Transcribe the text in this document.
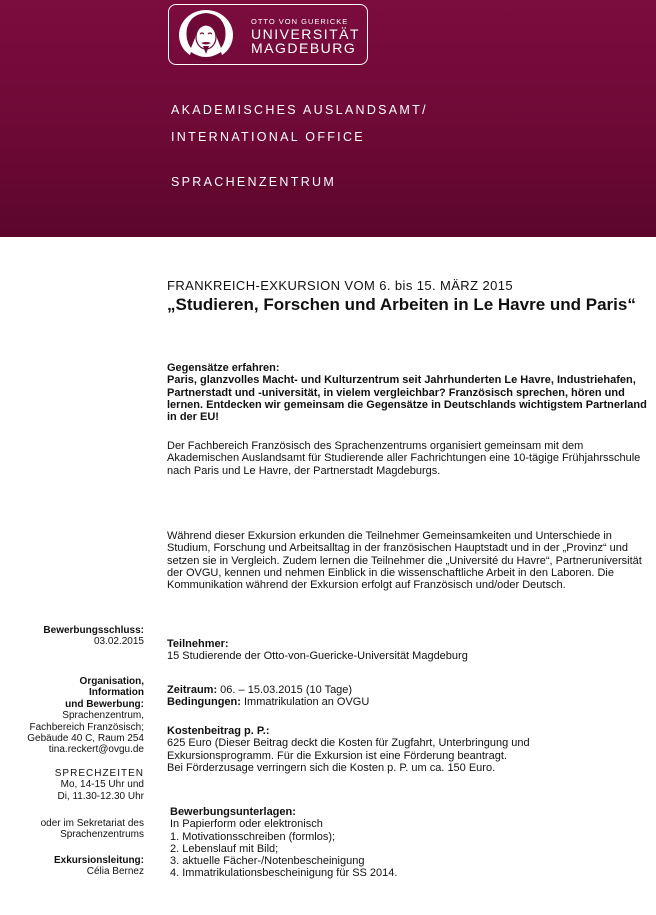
OTTO VON GUERICKE
UNIVERSITÄT
MAGDEBURG
AKADEMISCHES AUSLANDSAMT/
INTERNATIONAL OFFICE
SPRACHENZENTRUM

FRANKREICH-EXKURSION VOM 6. bis 15. MÄRZ 2015

„Studieren, Forschen und Arbeiten in Le Havre und Paris“

Gegensätze erfahren:

Paris, glanzvolles Macht- und Kulturzentrum seit Jahrhunderten Le Havre, Industriehafen, Partnerstadt und -universität, in vielem vergleichbar? Französisch sprechen, hören und lernen. Entdecken wir gemeinsam die Gegensätze in Deutschlands wichtigstem Partnerland in der EU!

Der Fachbereich Französisch des Sprachenzentrums organisiert gemeinsam mit dem Akademischen Auslandsamt für Studierende aller Fachrichtungen eine 10-tägige Frühjahrsschule nach Paris und Le Havre, der Partnerstadt Magdeburgs.

Während dieser Exkursion erkunden die Teilnehmer Gemeinsamkeiten und Unterschiede in Studium, Forschung und Arbeitsalltag in der französischen Hauptstadt und in der „Provinz“ und setzen sie in Vergleich. Zudem lernen die Teilnehmer die „Université du Havre“, Partneruniversität der OVGU, kennen und nehmen Einblick in die wissenschaftliche Arbeit in den Laboren. Die Kommunikation während der Exkursion erfolgt auf Französisch und/oder Deutsch.

Teilnehmer:

15 Studierende der Otto-von-Guericke-Universität Magdeburg

Zeitraum: 06. – 15.03.2015 (10 Tage)

Bedingungen: Immatrikulation an OVGU

Kostenbeitrag p. P.:

625 Euro (Dieser Beitrag deckt die Kosten für Zugfahrt, Unterbringung und

Exkursionsprogramm. Für die Exkursion ist eine Förderung beantragt.

Bei Förderzusage verringern sich die Kosten p. P. um ca. 150 Euro.

Bewerbungsunterlagen:

In Papierform oder elektronisch

1. Motivationsschreiben (formlos);

2. Lebenslauf mit Bild;

3. aktuelle Fächer-/Notenbescheinigung

4. Immatrikulationsbescheinigung für SS 2014.

Bewerbungsschluss:
03.02.2015
Organisation,
Information
und Bewerbung:
Sprachenzentrum,
Fachbereich Französisch;
Gebäude 40 C, Raum 254
tina.reckert@ovgu.de
SPRECHZEITEN
Mo, 14-15 Uhr und
Di, 11.30-12.30 Uhr
oder im Sekretariat des
Sprachenzentrums
Exkursionsleitung:
Célia Bernez
